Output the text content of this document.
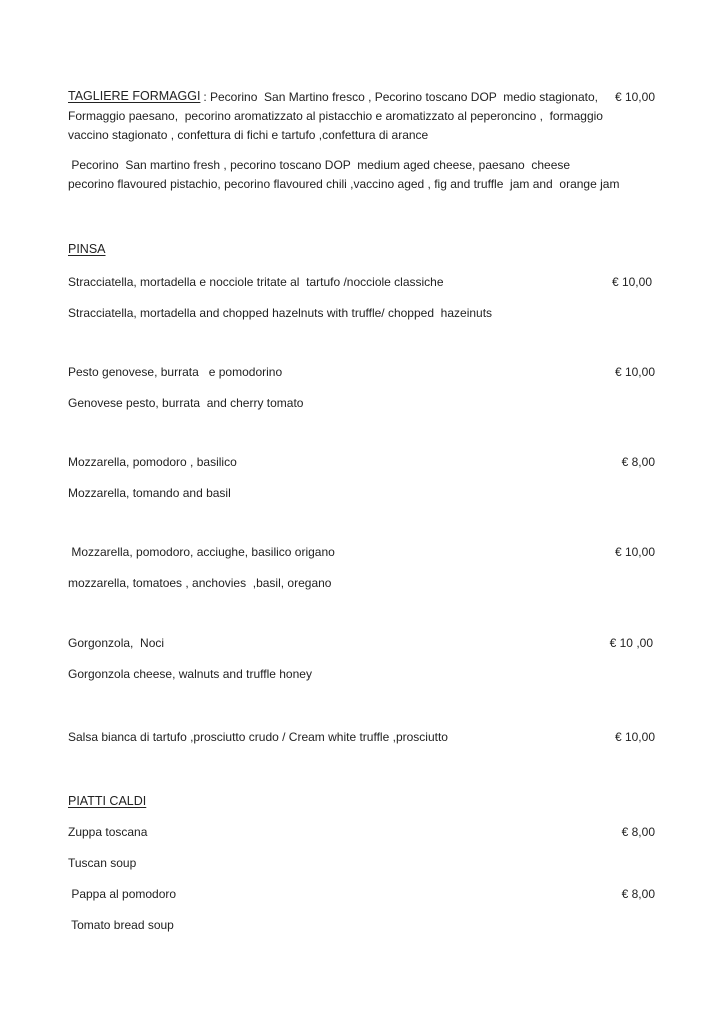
TAGLIERE FORMAGGI : Pecorino  San Martino fresco , Pecorino toscano DOP  medio stagionato, € 10,00
Formaggio paesano,  pecorino aromatizzato al pistacchio e aromatizzato al peperoncino ,  formaggio
vaccino stagionato , confettura di fichi e tartufo ,confettura di arance
Pecorino  San martino fresh , pecorino toscano DOP  medium aged cheese, paesano  cheese
pecorino flavoured pistachio, pecorino flavoured chili ,vaccino aged , fig and truffle  jam and  orange jam
PINSA
Stracciatella, mortadella e nocciole tritate al  tartufo /nocciole classiche	€ 10,00
Stracciatella, mortadella and chopped hazelnuts with truffle/ chopped  hazeinuts
Pesto genovese, burrata   e pomodorino	€ 10,00
Genovese pesto, burrata  and cherry tomato
Mozzarella, pomodoro , basilico	€ 8,00
Mozzarella, tomando and basil
Mozzarella, pomodoro, acciughe, basilico origano	€ 10,00
mozzarella, tomatoes , anchovies  ,basil, oregano
Gorgonzola,  Noci	€ 10 ,00
Gorgonzola cheese, walnuts and truffle honey
Salsa bianca di tartufo ,prosciutto crudo / Cream white truffle ,prosciutto	€ 10,00
PIATTI CALDI
Zuppa toscana	€ 8,00
Tuscan soup
Pappa al pomodoro	€ 8,00
Tomato bread soup
